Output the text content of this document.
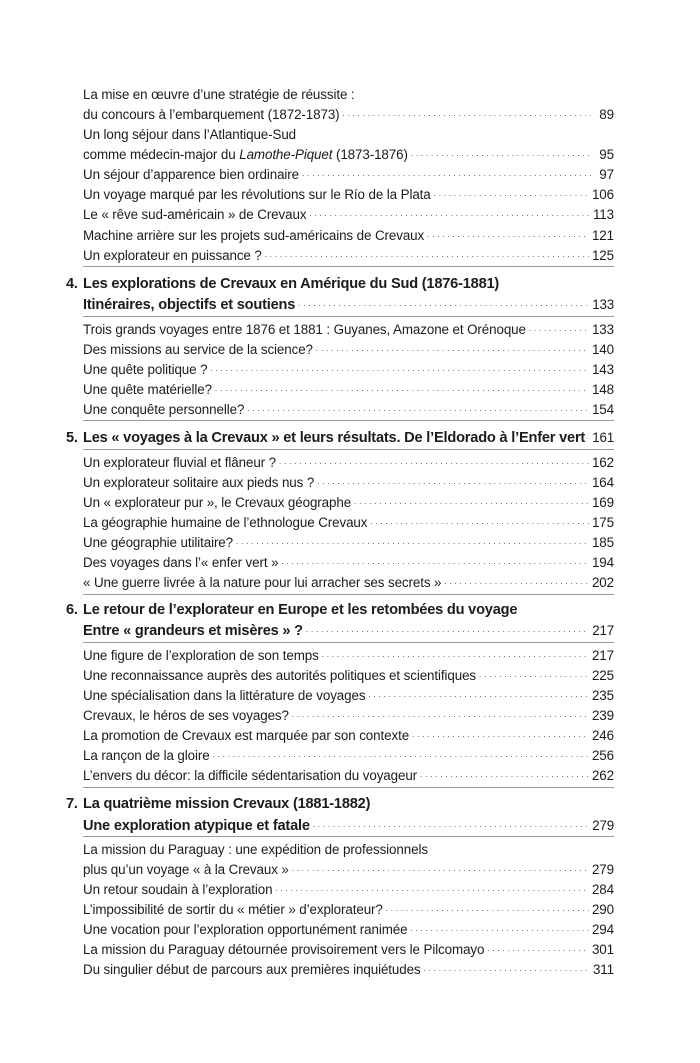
La mise en œuvre d’une stratégie de réussite :
du concours à l’embarquement (1872-1873) . . .	89
Un long séjour dans l’Atlantique-Sud
comme médecin-major du Lamothe-Piquet (1873-1876) . . .	95
Un séjour d’apparence bien ordinaire . . .	97
Un voyage marqué par les révolutions sur le Río de la Plata . . .	106
Le « rêve sud-américain » de Crevaux . . .	113
Machine arrière sur les projets sud-américains de Crevaux . . .	121
Un explorateur en puissance ? . . .	125
4. Les explorations de Crevaux en Amérique du Sud (1876-1881)
Itinéraires, objectifs et soutiens . . .	133
Trois grands voyages entre 1876 et 1881 : Guyanes, Amazone et Orénoque . . .	133
Des missions au service de la science? . . .	140
Une quête politique ? . . .	143
Une quête matérielle? . . .	148
Une conquête personnelle? . . .	154
5. Les « voyages à la Crevaux » et leurs résultats. De l’Eldorado à l’Enfer vert . . . 161
Un explorateur fluvial et flâneur ? . . .	162
Un explorateur solitaire aux pieds nus ? . . .	164
Un « explorateur pur », le Crevaux géographe . . .	169
La géographie humaine de l’ethnologue Crevaux . . .	175
Une géographie utilitaire? . . .	185
Des voyages dans l’« enfer vert » . . .	194
« Une guerre livrée à la nature pour lui arracher ses secrets » . . .	202
6. Le retour de l’explorateur en Europe et les retombées du voyage
Entre « grandeurs et misères » ? . . .	217
Une figure de l’exploration de son temps . . .	217
Une reconnaissance auprès des autorités politiques et scientifiques . . .	225
Une spécialisation dans la littérature de voyages . . .	235
Crevaux, le héros de ses voyages? . . .	239
La promotion de Crevaux est marquée par son contexte . . .	246
La rançon de la gloire . . .	256
L’envers du décor: la difficile sédentarisation du voyageur . . .	262
7. La quatrième mission Crevaux (1881-1882)
Une exploration atypique et fatale . . .	279
La mission du Paraguay : une expédition de professionnels
plus qu’un voyage « à la Crevaux » . . .	279
Un retour soudain à l’exploration . . .	284
L’impossibilité de sortir du « métier » d’explorateur? . . .	290
Une vocation pour l’exploration opportunément ranimée . . .	294
La mission du Paraguay détournée provisoirement vers le Pilcomayo . . .	301
Du singulier début de parcours aux premières inquiétudes . . .	311
